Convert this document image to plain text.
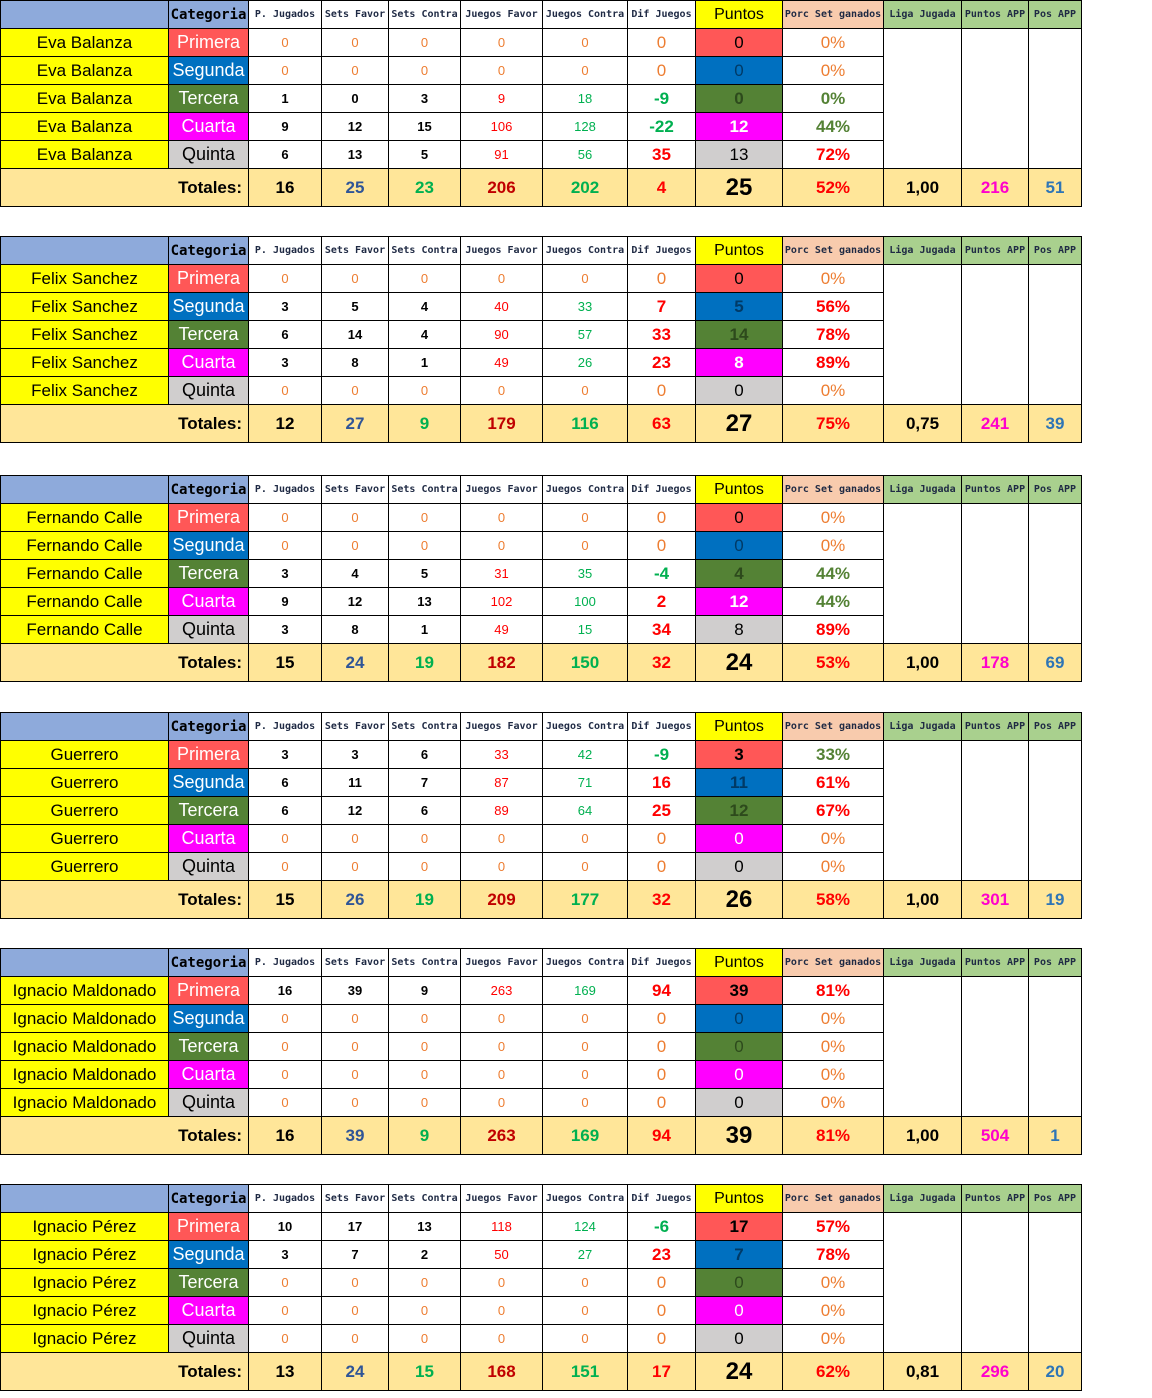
	Categoria	P. Jugados	Sets Favor	Sets Contra	Juegos Favor	Juegos Contra	Dif Juegos	Puntos	Porc Set ganados	Liga Jugada	Puntos APP	Pos APP
Eva Balanza	Primera	0	0	0	0	0	0	0	0%			
Eva Balanza	Segunda	0	0	0	0	0	0	0	0%			
Eva Balanza	Tercera	1	0	3	9	18	-9	0	0%			
Eva Balanza	Cuarta	9	12	15	106	128	-22	12	44%			
Eva Balanza	Quinta	6	13	5	91	56	35	13	72%			
Totales:		16	25	23	206	202	4	25	52%	1,00	216	51
	Categoria	P. Jugados	Sets Favor	Sets Contra	Juegos Favor	Juegos Contra	Dif Juegos	Puntos	Porc Set ganados	Liga Jugada	Puntos APP	Pos APP
Felix Sanchez	Primera	0	0	0	0	0	0	0	0%			
Felix Sanchez	Segunda	3	5	4	40	33	7	5	56%			
Felix Sanchez	Tercera	6	14	4	90	57	33	14	78%			
Felix Sanchez	Cuarta	3	8	1	49	26	23	8	89%			
Felix Sanchez	Quinta	0	0	0	0	0	0	0	0%			
Totales:		12	27	9	179	116	63	27	75%	0,75	241	39
	Categoria	P. Jugados	Sets Favor	Sets Contra	Juegos Favor	Juegos Contra	Dif Juegos	Puntos	Porc Set ganados	Liga Jugada	Puntos APP	Pos APP
Fernando Calle	Primera	0	0	0	0	0	0	0	0%			
Fernando Calle	Segunda	0	0	0	0	0	0	0	0%			
Fernando Calle	Tercera	3	4	5	31	35	-4	4	44%			
Fernando Calle	Cuarta	9	12	13	102	100	2	12	44%			
Fernando Calle	Quinta	3	8	1	49	15	34	8	89%			
Totales:		15	24	19	182	150	32	24	53%	1,00	178	69
	Categoria	P. Jugados	Sets Favor	Sets Contra	Juegos Favor	Juegos Contra	Dif Juegos	Puntos	Porc Set ganados	Liga Jugada	Puntos APP	Pos APP
Guerrero	Primera	3	3	6	33	42	-9	3	33%			
Guerrero	Segunda	6	11	7	87	71	16	11	61%			
Guerrero	Tercera	6	12	6	89	64	25	12	67%			
Guerrero	Cuarta	0	0	0	0	0	0	0	0%			
Guerrero	Quinta	0	0	0	0	0	0	0	0%			
Totales:		15	26	19	209	177	32	26	58%	1,00	301	19
	Categoria	P. Jugados	Sets Favor	Sets Contra	Juegos Favor	Juegos Contra	Dif Juegos	Puntos	Porc Set ganados	Liga Jugada	Puntos APP	Pos APP
Ignacio Maldonado	Primera	16	39	9	263	169	94	39	81%			
Ignacio Maldonado	Segunda	0	0	0	0	0	0	0	0%			
Ignacio Maldonado	Tercera	0	0	0	0	0	0	0	0%			
Ignacio Maldonado	Cuarta	0	0	0	0	0	0	0	0%			
Ignacio Maldonado	Quinta	0	0	0	0	0	0	0	0%			
Totales:		16	39	9	263	169	94	39	81%	1,00	504	1
	Categoria	P. Jugados	Sets Favor	Sets Contra	Juegos Favor	Juegos Contra	Dif Juegos	Puntos	Porc Set ganados	Liga Jugada	Puntos APP	Pos APP
Ignacio Pérez	Primera	10	17	13	118	124	-6	17	57%			
Ignacio Pérez	Segunda	3	7	2	50	27	23	7	78%			
Ignacio Pérez	Tercera	0	0	0	0	0	0	0	0%			
Ignacio Pérez	Cuarta	0	0	0	0	0	0	0	0%			
Ignacio Pérez	Quinta	0	0	0	0	0	0	0	0%			
Totales:		13	24	15	168	151	17	24	62%	0,81	296	20
